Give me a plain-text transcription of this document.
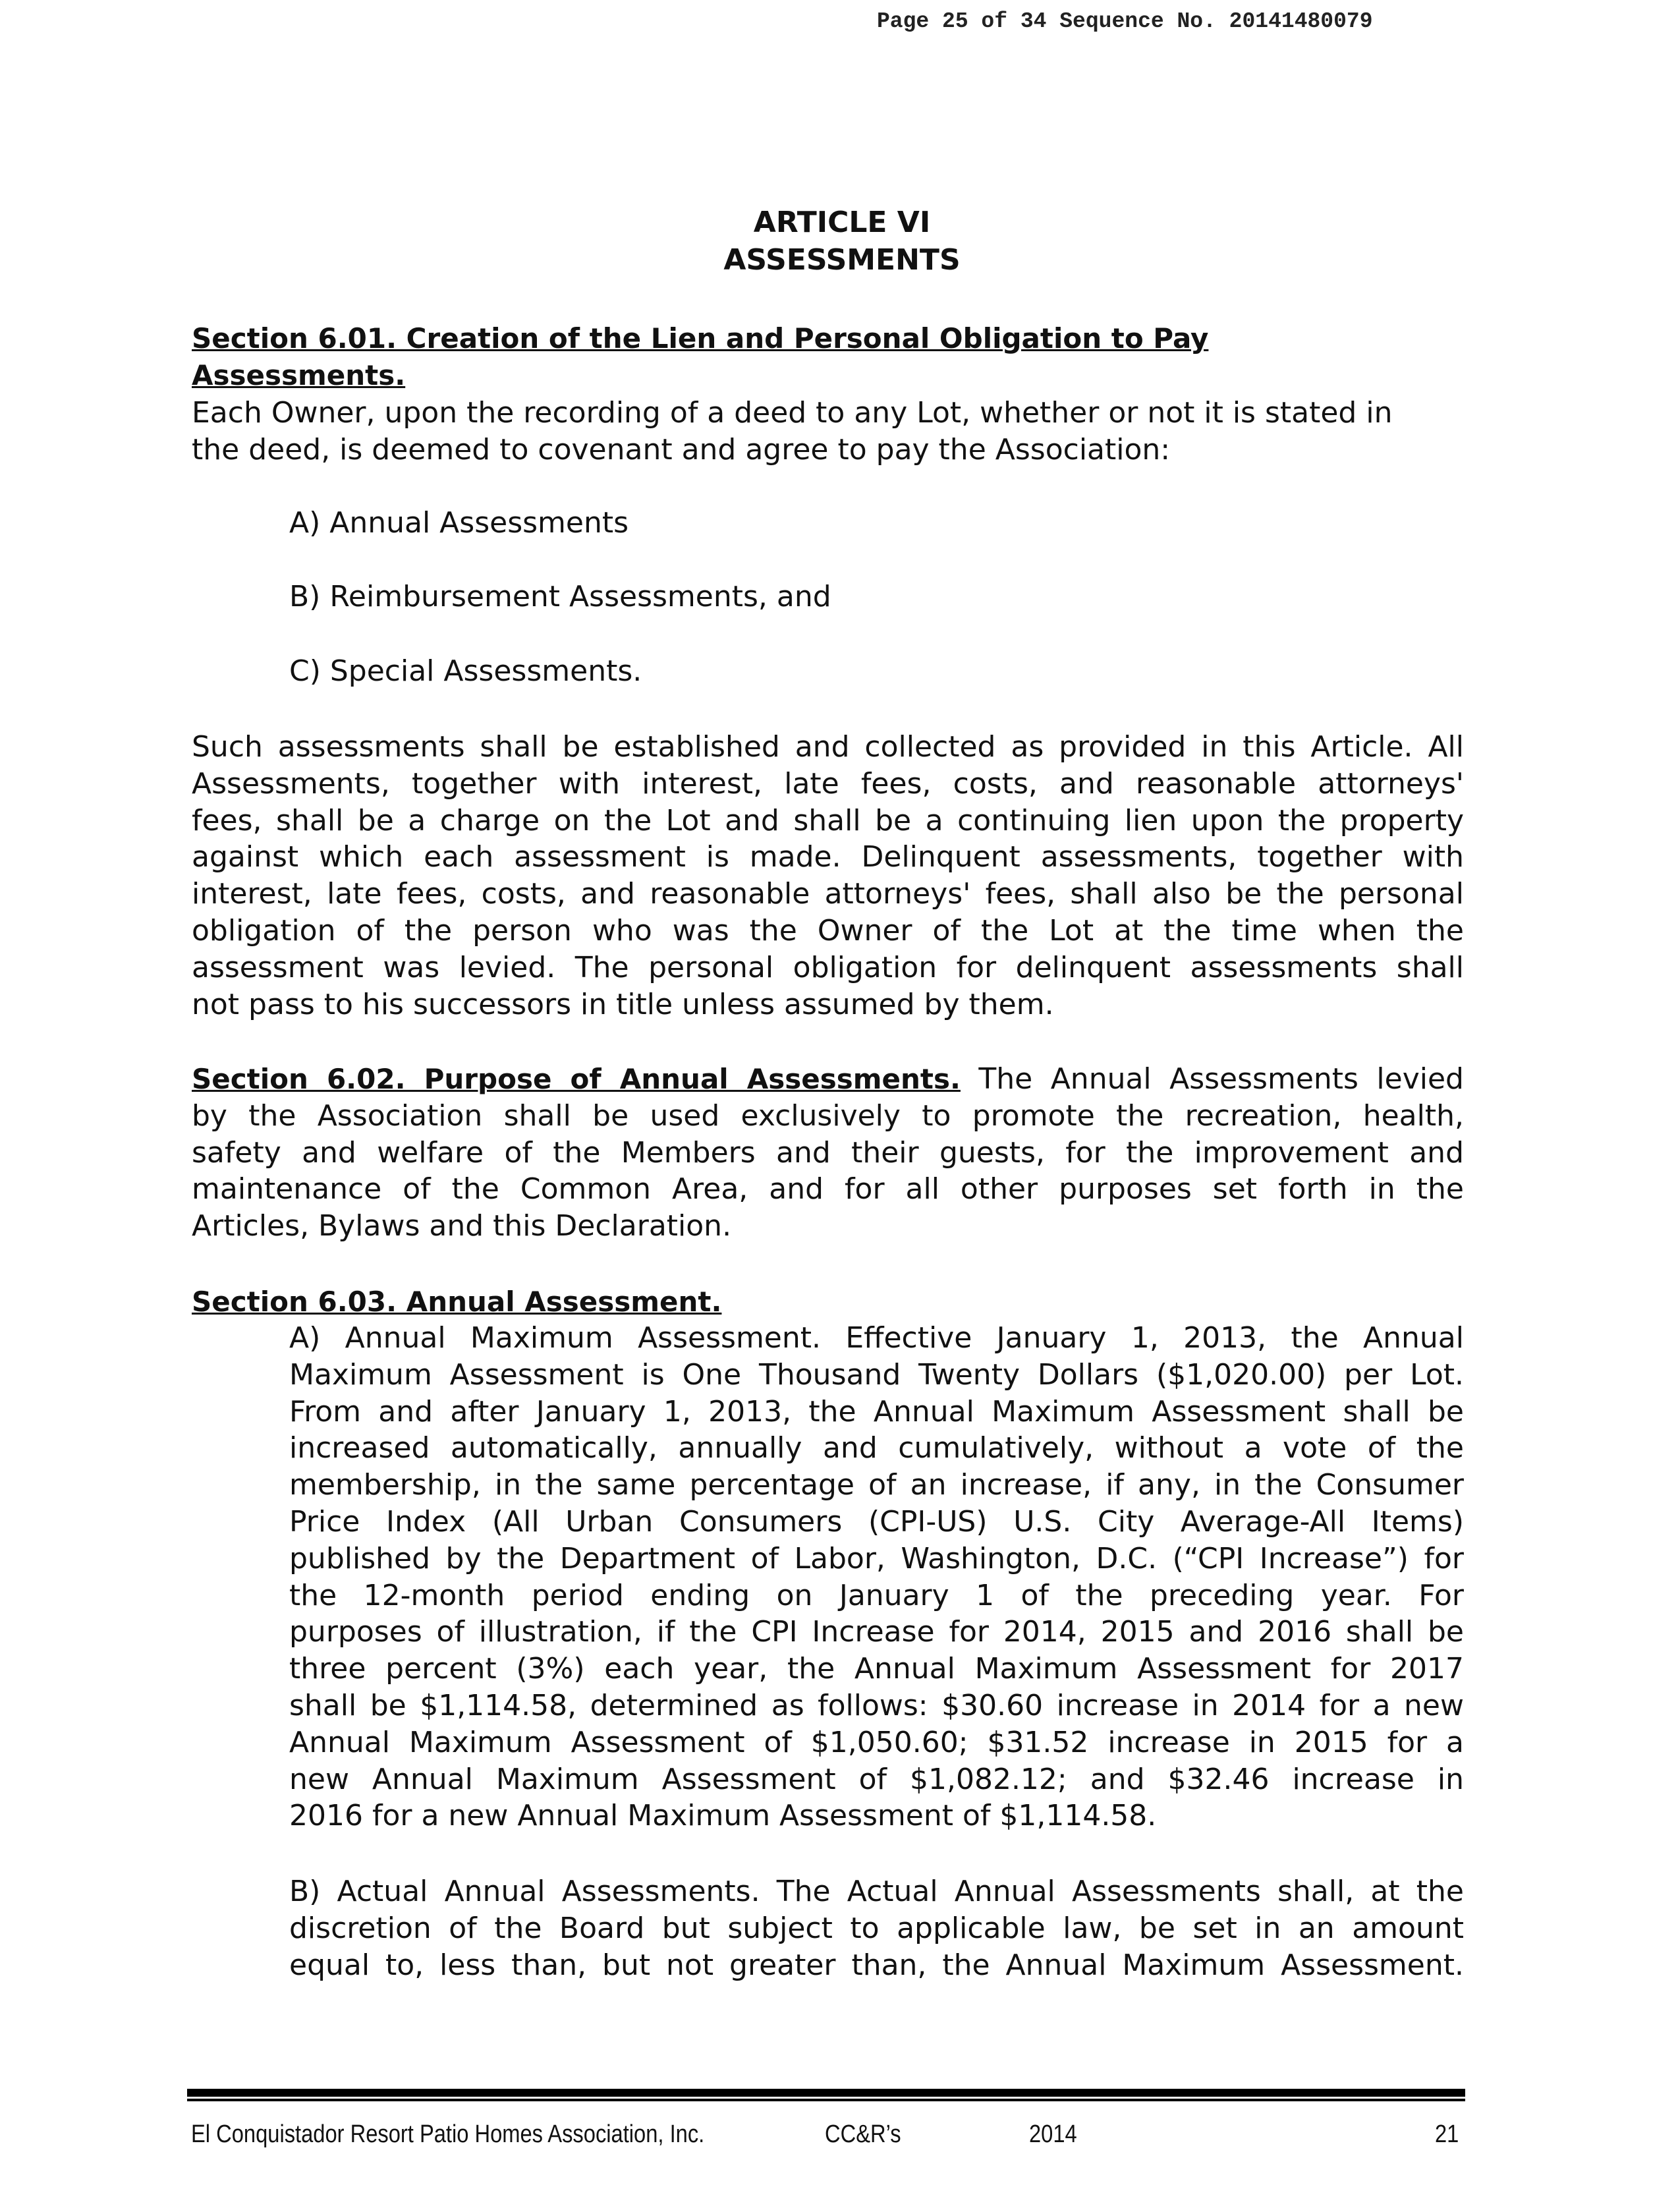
Page 25 of 34 Sequence No. 20141480079
ARTICLE VI
ASSESSMENTS
Section 6.01. Creation of the Lien and Personal Obligation to Pay
Assessments.
Each Owner, upon the recording of a deed to any Lot, whether or not it is stated in
the deed, is deemed to covenant and agree to pay the Association:
A) Annual Assessments
B) Reimbursement Assessments, and
C) Special Assessments.
Such assessments shall be established and collected as provided in this Article. All
Assessments, together with interest, late fees, costs, and reasonable attorneys'
fees, shall be a charge on the Lot and shall be a continuing lien upon the property
against which each assessment is made. Delinquent assessments, together with
interest, late fees, costs, and reasonable attorneys' fees, shall also be the personal
obligation of the person who was the Owner of the Lot at the time when the
assessment was levied. The personal obligation for delinquent assessments shall
not pass to his successors in title unless assumed by them.
Section 6.02. Purpose of Annual Assessments. The Annual Assessments levied
by the Association shall be used exclusively to promote the recreation, health,
safety and welfare of the Members and their guests, for the improvement and
maintenance of the Common Area, and for all other purposes set forth in the
Articles, Bylaws and this Declaration.
Section 6.03. Annual Assessment.
A) Annual Maximum Assessment. Effective January 1, 2013, the Annual
Maximum Assessment is One Thousand Twenty Dollars ($1,020.00) per Lot.
From and after January 1, 2013, the Annual Maximum Assessment shall be
increased automatically, annually and cumulatively, without a vote of the
membership, in the same percentage of an increase, if any, in the Consumer
Price Index (All Urban Consumers (CPI-US) U.S. City Average-All Items)
published by the Department of Labor, Washington, D.C. (“CPI Increase”) for
the 12-month period ending on January 1 of the preceding year. For
purposes of illustration, if the CPI Increase for 2014, 2015 and 2016 shall be
three percent (3%) each year, the Annual Maximum Assessment for 2017
shall be $1,114.58, determined as follows: $30.60 increase in 2014 for a new
Annual Maximum Assessment of $1,050.60; $31.52 increase in 2015 for a
new Annual Maximum Assessment of $1,082.12; and $32.46 increase in
2016 for a new Annual Maximum Assessment of $1,114.58.
B) Actual Annual Assessments. The Actual Annual Assessments shall, at the
discretion of the Board but subject to applicable law, be set in an amount
equal to, less than, but not greater than, the Annual Maximum Assessment.
El Conquistador Resort Patio Homes Association, Inc.	CC&R’s	2014	21
